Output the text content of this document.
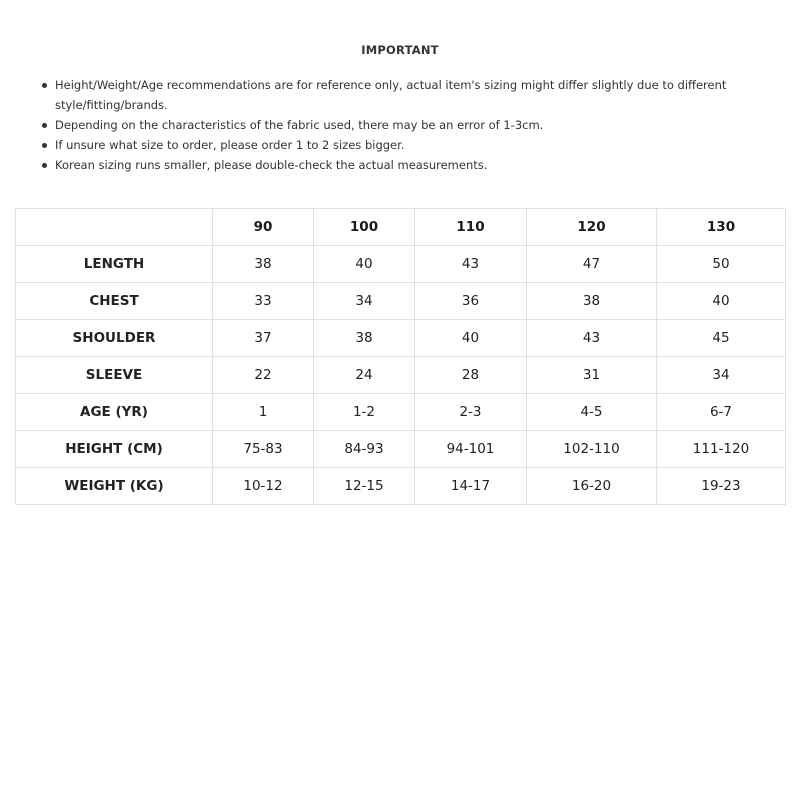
IMPORTANT
Height/Weight/Age recommendations are for reference only, actual item's sizing might differ slightly due to different style/fitting/brands.
Depending on the characteristics of the fabric used, there may be an error of 1-3cm.
If unsure what size to order, please order 1 to 2 sizes bigger.
Korean sizing runs smaller, please double-check the actual measurements.
	90	100	110	120	130
LENGTH	38	40	43	47	50
CHEST	33	34	36	38	40
SHOULDER	37	38	40	43	45
SLEEVE	22	24	28	31	34
AGE (YR)	1	1-2	2-3	4-5	6-7
HEIGHT (CM)	75-83	84-93	94-101	102-110	111-120
WEIGHT (KG)	10-12	12-15	14-17	16-20	19-23
